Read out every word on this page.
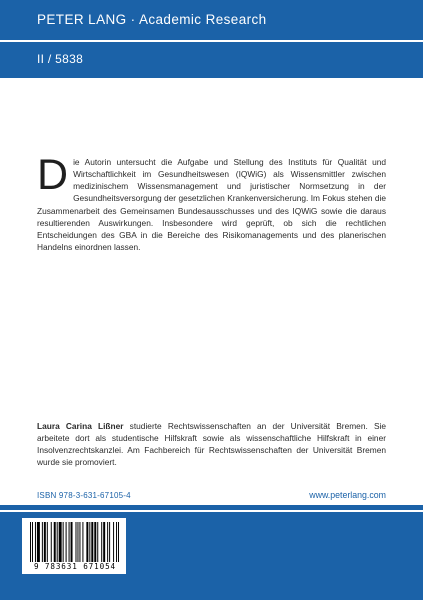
PETER LANG · Academic Research
II / 5838
Die Autorin untersucht die Aufgabe und Stellung des Instituts für Qualität und Wirtschaftlichkeit im Gesundheitswesen (IQWiG) als Wissensmittler zwischen medizinischem Wissensmanagement und juristischer Normsetzung in der Gesundheitsversorgung der gesetzlichen Krankenversicherung. Im Fokus stehen die Zusammenarbeit des Gemeinsamen Bundesausschusses und des IQWiG sowie die daraus resultierenden Auswirkungen. Insbesondere wird geprüft, ob sich die rechtlichen Entscheidungen des GBA in die Bereiche des Risikomanagements und des planerischen Handelns einordnen lassen.
Laura Carina Lißner studierte Rechtswissenschaften an der Universität Bremen. Sie arbeitete dort als studentische Hilfskraft sowie als wissenschaftliche Hilfskraft in einer Insolvenzrechtskanzlei. Am Fachbereich für Rechtswissenschaften der Universität Bremen wurde sie promoviert.
ISBN 978-3-631-67105-4	www.peterlang.com
9 783631 671054
